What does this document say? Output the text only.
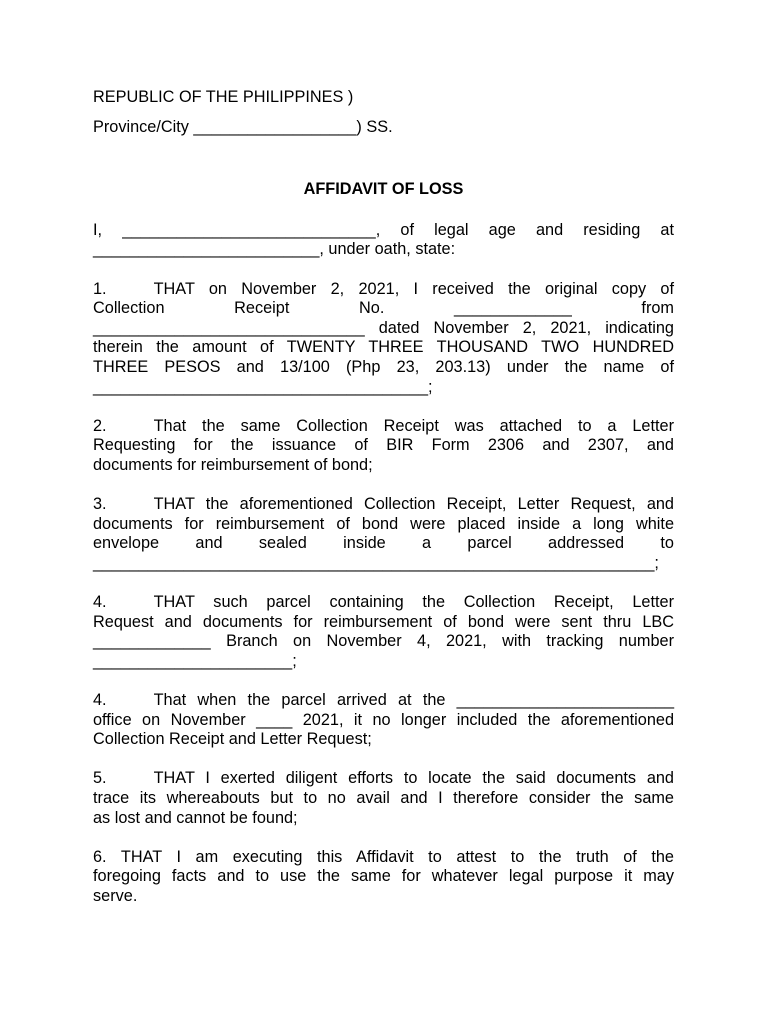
REPUBLIC OF THE PHILIPPINES )

Province/City __________________) SS.

AFFIDAVIT OF LOSS

I, ____________________________, of legal age and residing at
_________________________, under oath, state:

1.	THAT on November 2, 2021, I received the original copy of
Collection Receipt No. _____________ from
______________________________ dated November 2, 2021, indicating
therein the amount of TWENTY THREE THOUSAND TWO HUNDRED
THREE PESOS and 13/100 (Php 23, 203.13) under the name of
_____________________________________;

2.	That the same Collection Receipt was attached to a Letter
Requesting for the issuance of BIR Form 2306 and 2307, and
documents for reimbursement of bond;

3.	THAT the aforementioned Collection Receipt, Letter Request, and
documents for reimbursement of bond were placed inside a long white
envelope and sealed inside a parcel addressed to
______________________________________________________________;

4.	THAT such parcel containing the Collection Receipt, Letter
Request and documents for reimbursement of bond were sent thru LBC
_____________ Branch on November 4, 2021, with tracking number
______________________;

4.	That when the parcel arrived at the ________________________
office on November ____ 2021, it no longer included the aforementioned
Collection Receipt and Letter Request;

5.	THAT I exerted diligent efforts to locate the said documents and
trace its whereabouts but to no avail and I therefore consider the same
as lost and cannot be found;

6. THAT I am executing this Affidavit to attest to the truth of the
foregoing facts and to use the same for whatever legal purpose it may
serve.
